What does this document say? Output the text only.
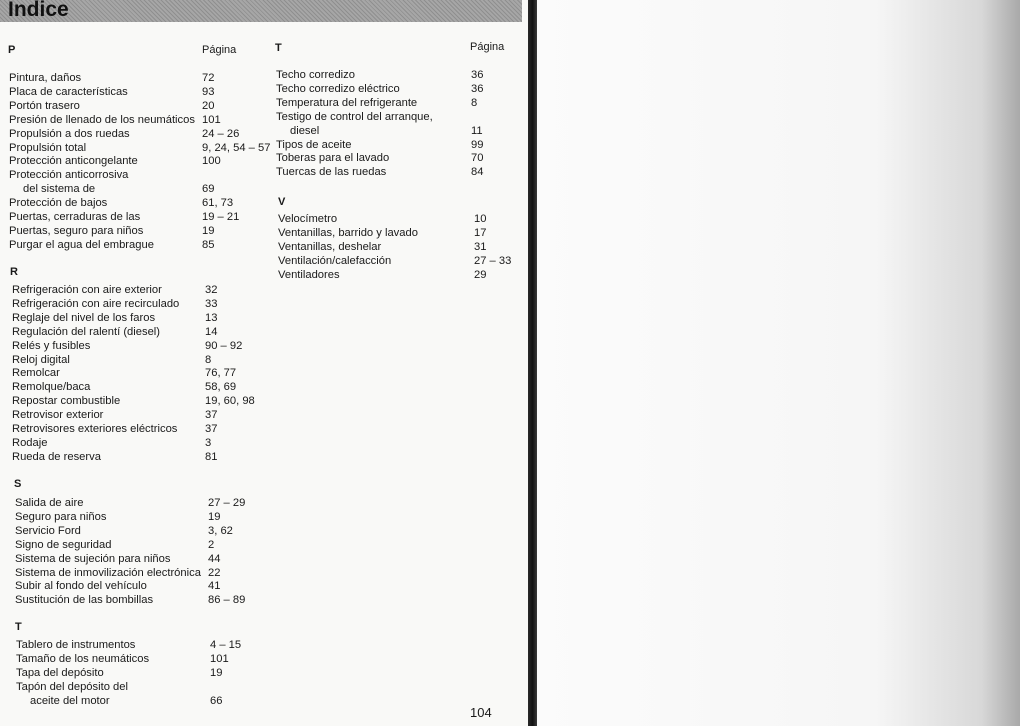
Indice
P	Página
Pintura, daños	72
Placa de características	93
Portón trasero	20
Presión de llenado de los neumáticos 101
Propulsión a dos ruedas	24 – 26
Propulsión total	9, 24, 54 – 57
Protección anticongelante	100
Protección anticorrosiva
del sistema de	69
Protección de bajos	61, 73
Puertas, cerraduras de las	19 – 21
Puertas, seguro para niños	19
Purgar el agua del embrague	85
R
Refrigeración con aire exterior	32
Refrigeración con aire recirculado 33
Reglaje del nivel de los faros	13
Regulación del ralentí (diesel)	14
Relés y fusibles	90 – 92
Reloj digital	8
Remolcar	76, 77
Remolque/baca	58, 69
Repostar combustible	19, 60, 98
Retrovisor exterior	37
Retrovisores exteriores eléctricos 37
Rodaje	3
Rueda de reserva	81
S
Salida de aire	27 – 29
Seguro para niños	19
Servicio Ford	3, 62
Signo de seguridad	2
Sistema de sujeción para niños	44
Sistema de inmovilización electrónica 22
Subir al fondo del vehículo	41
Sustitución de las bombillas	86 – 89
T
Tablero de instrumentos	4 – 15
Tamaño de los neumáticos	101
Tapa del depósito	19
Tapón del depósito del
aceite del motor	66
T	Página
Techo corredizo	36
Techo corredizo eléctrico	36
Temperatura del refrigerante	8
Testigo de control del arranque,
diesel	11
Tipos de aceite	99
Toberas para el lavado	70
Tuercas de las ruedas	84
V
Velocímetro	10
Ventanillas, barrido y lavado	17
Ventanillas, deshelar	31
Ventilación/calefacción	27 – 33
Ventiladores	29
104
